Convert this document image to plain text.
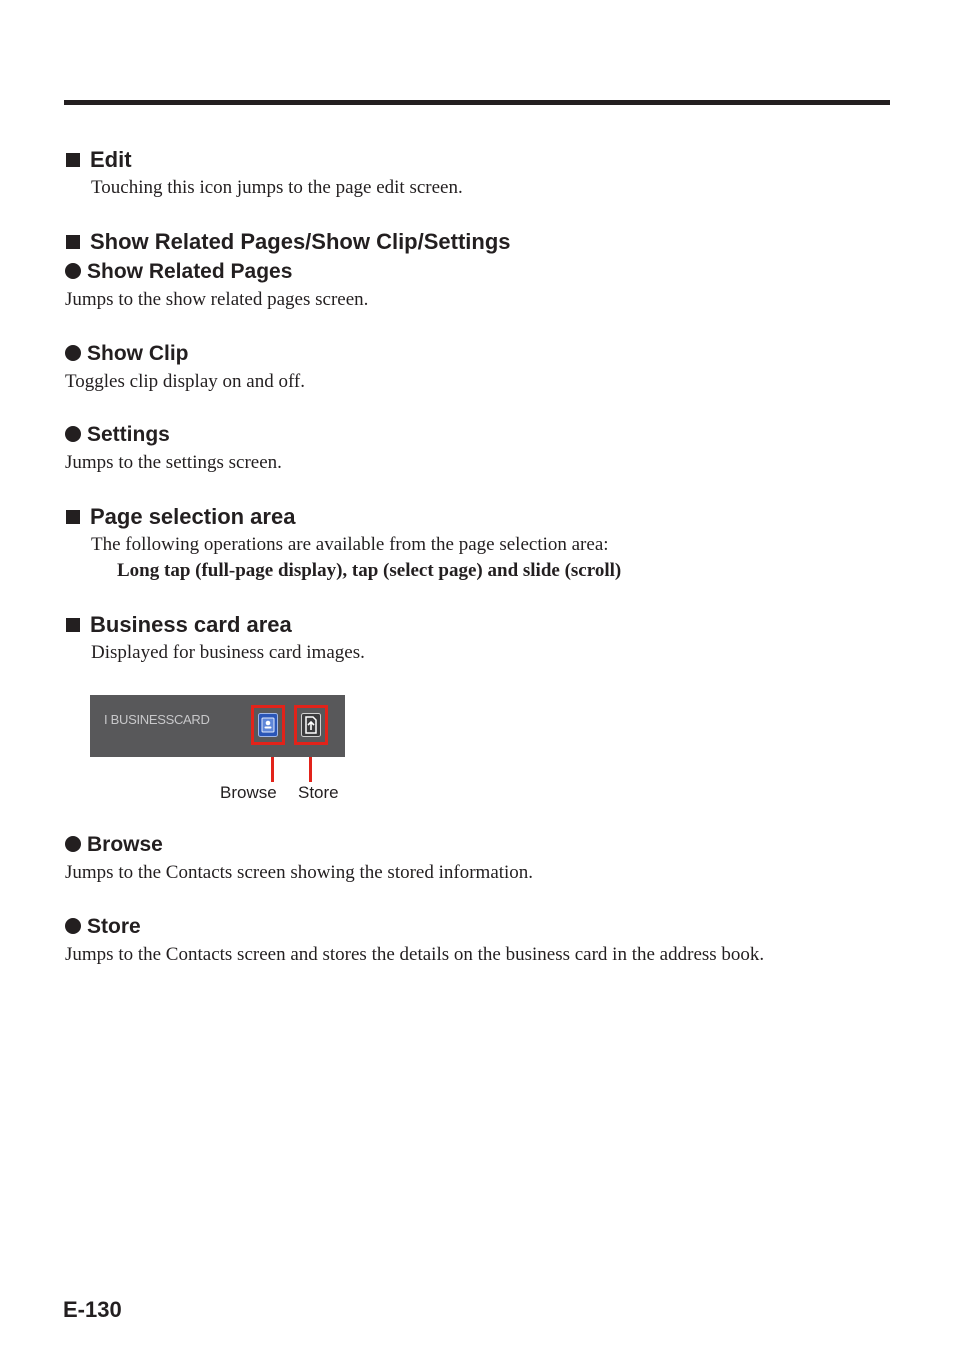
Edit
Touching this icon jumps to the page edit screen.
Show Related Pages/Show Clip/Settings
Show Related Pages
Jumps to the show related pages screen.
Show Clip
Toggles clip display on and off.
Settings
Jumps to the settings screen.
Page selection area
The following operations are available from the page selection area:
Long tap (full-page display), tap (select page) and slide (scroll)
Business card area
Displayed for business card images.
I BUSINESSCARD
Browse Store
Browse
Jumps to the Contacts screen showing the stored information.
Store
Jumps to the Contacts screen and stores the details on the business card in the address book.
E-130
